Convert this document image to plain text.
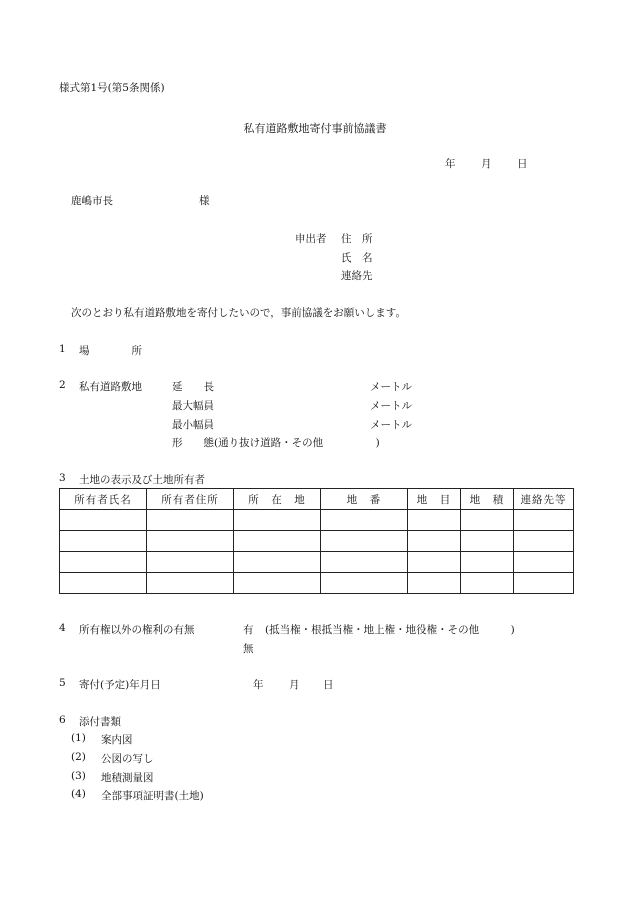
様式第1号(第5条関係)
私有道路敷地寄付事前協議書
年 月 日
鹿嶋市長	様
申出者 住　所
氏　名
連絡先
次のとおり私有道路敷地を寄付したいので，事前協議をお願いします。
1 場　　　　所
2 私有道路敷地	延　　長	メートル
最大幅員	メートル
最小幅員	メートル
形　　態(通り抜け道路・その他　　　　　)
3 土地の表示及び土地所有者
所有者氏名	所有者住所	所　在　地	地　番	地　目	地　積	連絡先等

4 所有権以外の権利の有無	有 (抵当権・根抵当権・地上権・地役権・その他　　　)
無
5 寄付(予定)年月日	年 月 日
6 添付書類
(1) 案内図
(2) 公図の写し
(3) 地積測量図
(4) 全部事項証明書(土地)
